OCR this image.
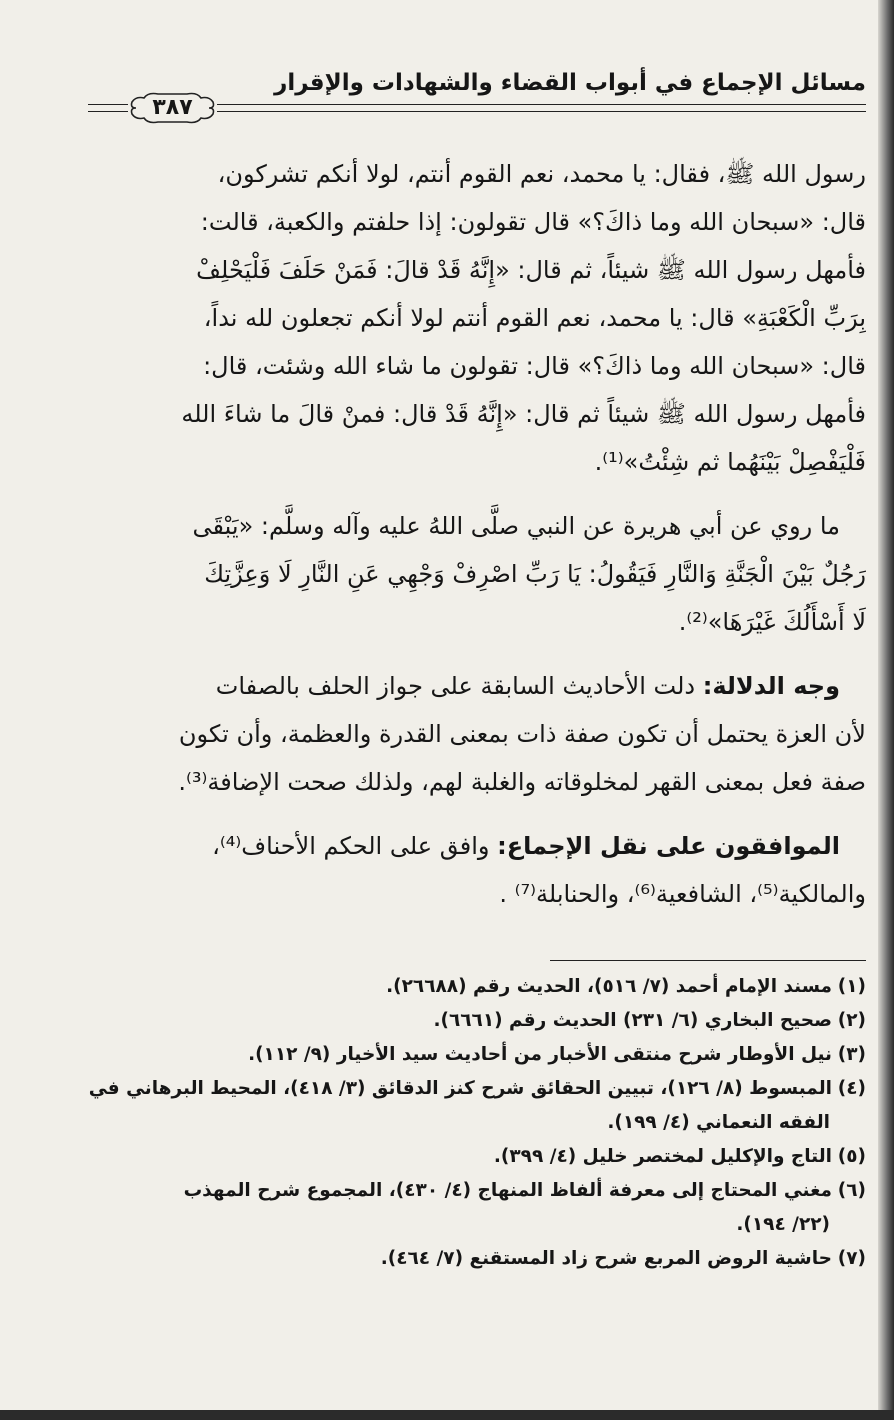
مسائل الإجماع في أبواب القضاء والشهادات والإقرار
٣٨٧
رسول الله ﷺ، فقال: يا محمد، نعم القوم أنتم، لولا أنكم تشركون،
قال: «سبحان الله وما ذاكَ؟» قال تقولون: إذا حلفتم والكعبة، قالت:
فأمهل رسول الله ﷺ شيئاً، ثم قال: «إِنَّهُ قَدْ قالَ: فَمَنْ حَلَفَ فَلْيَحْلِفْ
بِرَبِّ الْكَعْبَةِ» قال: يا محمد، نعم القوم أنتم لولا أنكم تجعلون لله نداً،
قال: «سبحان الله وما ذاكَ؟» قال: تقولون ما شاء الله وشئت، قال:
فأمهل رسول الله ﷺ شيئاً ثم قال: «إِنَّهُ قَدْ قال: فمنْ قالَ ما شاءَ الله
فَلْيَفْصِلْ بَيْنَهُما ثم شِئْتُ»⁽¹⁾.
ما روي عن أبي هريرة عن النبي صلَّى اللهُ عليه وآله وسلَّم: «يَبْقَى
رَجُلٌ بَيْنَ الْجَنَّةِ وَالنَّارِ فَيَقُولُ: يَا رَبِّ اصْرِفْ وَجْهِي عَنِ النَّارِ لَا وَعِزَّتِكَ
لَا أَسْأَلُكَ غَيْرَهَا»⁽²⁾.
وجه الدلالة: دلت الأحاديث السابقة على جواز الحلف بالصفات
لأن العزة يحتمل أن تكون صفة ذات بمعنى القدرة والعظمة، وأن تكون
صفة فعل بمعنى القهر لمخلوقاته والغلبة لهم، ولذلك صحت الإضافة⁽³⁾.
الموافقون على نقل الإجماع: وافق على الحكم الأحناف⁽⁴⁾،
والمالكية⁽⁵⁾، الشافعية⁽⁶⁾، والحنابلة⁽⁷⁾ .
(١)مسند الإمام أحمد (٧/ ٥١٦)، الحديث رقم (٢٦٦٨٨).
(٢)صحيح البخاري (٦/ ٢٣١) الحديث رقم (٦٦٦١).
(٣)نيل الأوطار شرح منتقى الأخبار من أحاديث سيد الأخيار (٩/ ١١٢).
(٤)المبسوط (٨/ ١٢٦)، تبيين الحقائق شرح كنز الدقائق (٣/ ٤١٨)، المحيط البرهاني في
الفقه النعماني (٤/ ١٩٩).
(٥)التاج والإكليل لمختصر خليل (٤/ ٣٩٩).
(٦)مغني المحتاج إلى معرفة ألفاظ المنهاج (٤/ ٤٣٠)، المجموع شرح المهذب
(٢٢/ ١٩٤).
(٧)حاشية الروض المربع شرح زاد المستقنع (٧/ ٤٦٤).
